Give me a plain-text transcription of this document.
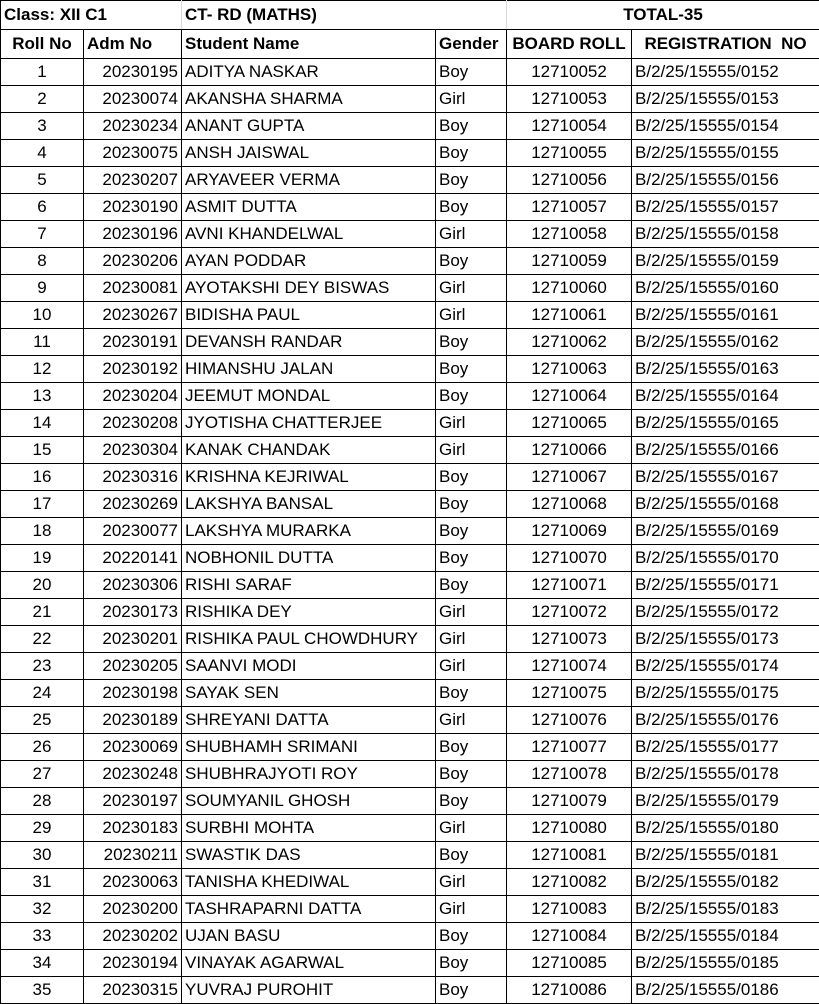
Class: XII C1		CT- RD (MATHS)		TOTAL-35	
Roll No	Adm No	Student Name	Gender	BOARD ROLL	REGISTRATION  NO
1	20230195	ADITYA NASKAR	Boy	12710052	B/2/25/15555/0152
2	20230074	AKANSHA SHARMA	Girl	12710053	B/2/25/15555/0153
3	20230234	ANANT GUPTA	Boy	12710054	B/2/25/15555/0154
4	20230075	ANSH JAISWAL	Boy	12710055	B/2/25/15555/0155
5	20230207	ARYAVEER VERMA	Boy	12710056	B/2/25/15555/0156
6	20230190	ASMIT DUTTA	Boy	12710057	B/2/25/15555/0157
7	20230196	AVNI KHANDELWAL	Girl	12710058	B/2/25/15555/0158
8	20230206	AYAN PODDAR	Boy	12710059	B/2/25/15555/0159
9	20230081	AYOTAKSHI DEY BISWAS	Girl	12710060	B/2/25/15555/0160
10	20230267	BIDISHA PAUL	Girl	12710061	B/2/25/15555/0161
11	20230191	DEVANSH RANDAR	Boy	12710062	B/2/25/15555/0162
12	20230192	HIMANSHU JALAN	Boy	12710063	B/2/25/15555/0163
13	20230204	JEEMUT MONDAL	Boy	12710064	B/2/25/15555/0164
14	20230208	JYOTISHA CHATTERJEE	Girl	12710065	B/2/25/15555/0165
15	20230304	KANAK CHANDAK	Girl	12710066	B/2/25/15555/0166
16	20230316	KRISHNA KEJRIWAL	Boy	12710067	B/2/25/15555/0167
17	20230269	LAKSHYA BANSAL	Boy	12710068	B/2/25/15555/0168
18	20230077	LAKSHYA MURARKA	Boy	12710069	B/2/25/15555/0169
19	20220141	NOBHONIL DUTTA	Boy	12710070	B/2/25/15555/0170
20	20230306	RISHI SARAF	Boy	12710071	B/2/25/15555/0171
21	20230173	RISHIKA DEY	Girl	12710072	B/2/25/15555/0172
22	20230201	RISHIKA PAUL CHOWDHURY	Girl	12710073	B/2/25/15555/0173
23	20230205	SAANVI MODI	Girl	12710074	B/2/25/15555/0174
24	20230198	SAYAK SEN	Boy	12710075	B/2/25/15555/0175
25	20230189	SHREYANI DATTA	Girl	12710076	B/2/25/15555/0176
26	20230069	SHUBHAMH SRIMANI	Boy	12710077	B/2/25/15555/0177
27	20230248	SHUBHRAJYOTI ROY	Boy	12710078	B/2/25/15555/0178
28	20230197	SOUMYANIL GHOSH	Boy	12710079	B/2/25/15555/0179
29	20230183	SURBHI MOHTA	Girl	12710080	B/2/25/15555/0180
30	20230211	SWASTIK DAS	Boy	12710081	B/2/25/15555/0181
31	20230063	TANISHA KHEDIWAL	Girl	12710082	B/2/25/15555/0182
32	20230200	TASHRAPARNI DATTA	Girl	12710083	B/2/25/15555/0183
33	20230202	UJAN BASU	Boy	12710084	B/2/25/15555/0184
34	20230194	VINAYAK AGARWAL	Boy	12710085	B/2/25/15555/0185
35	20230315	YUVRAJ PUROHIT	Boy	12710086	B/2/25/15555/0186
